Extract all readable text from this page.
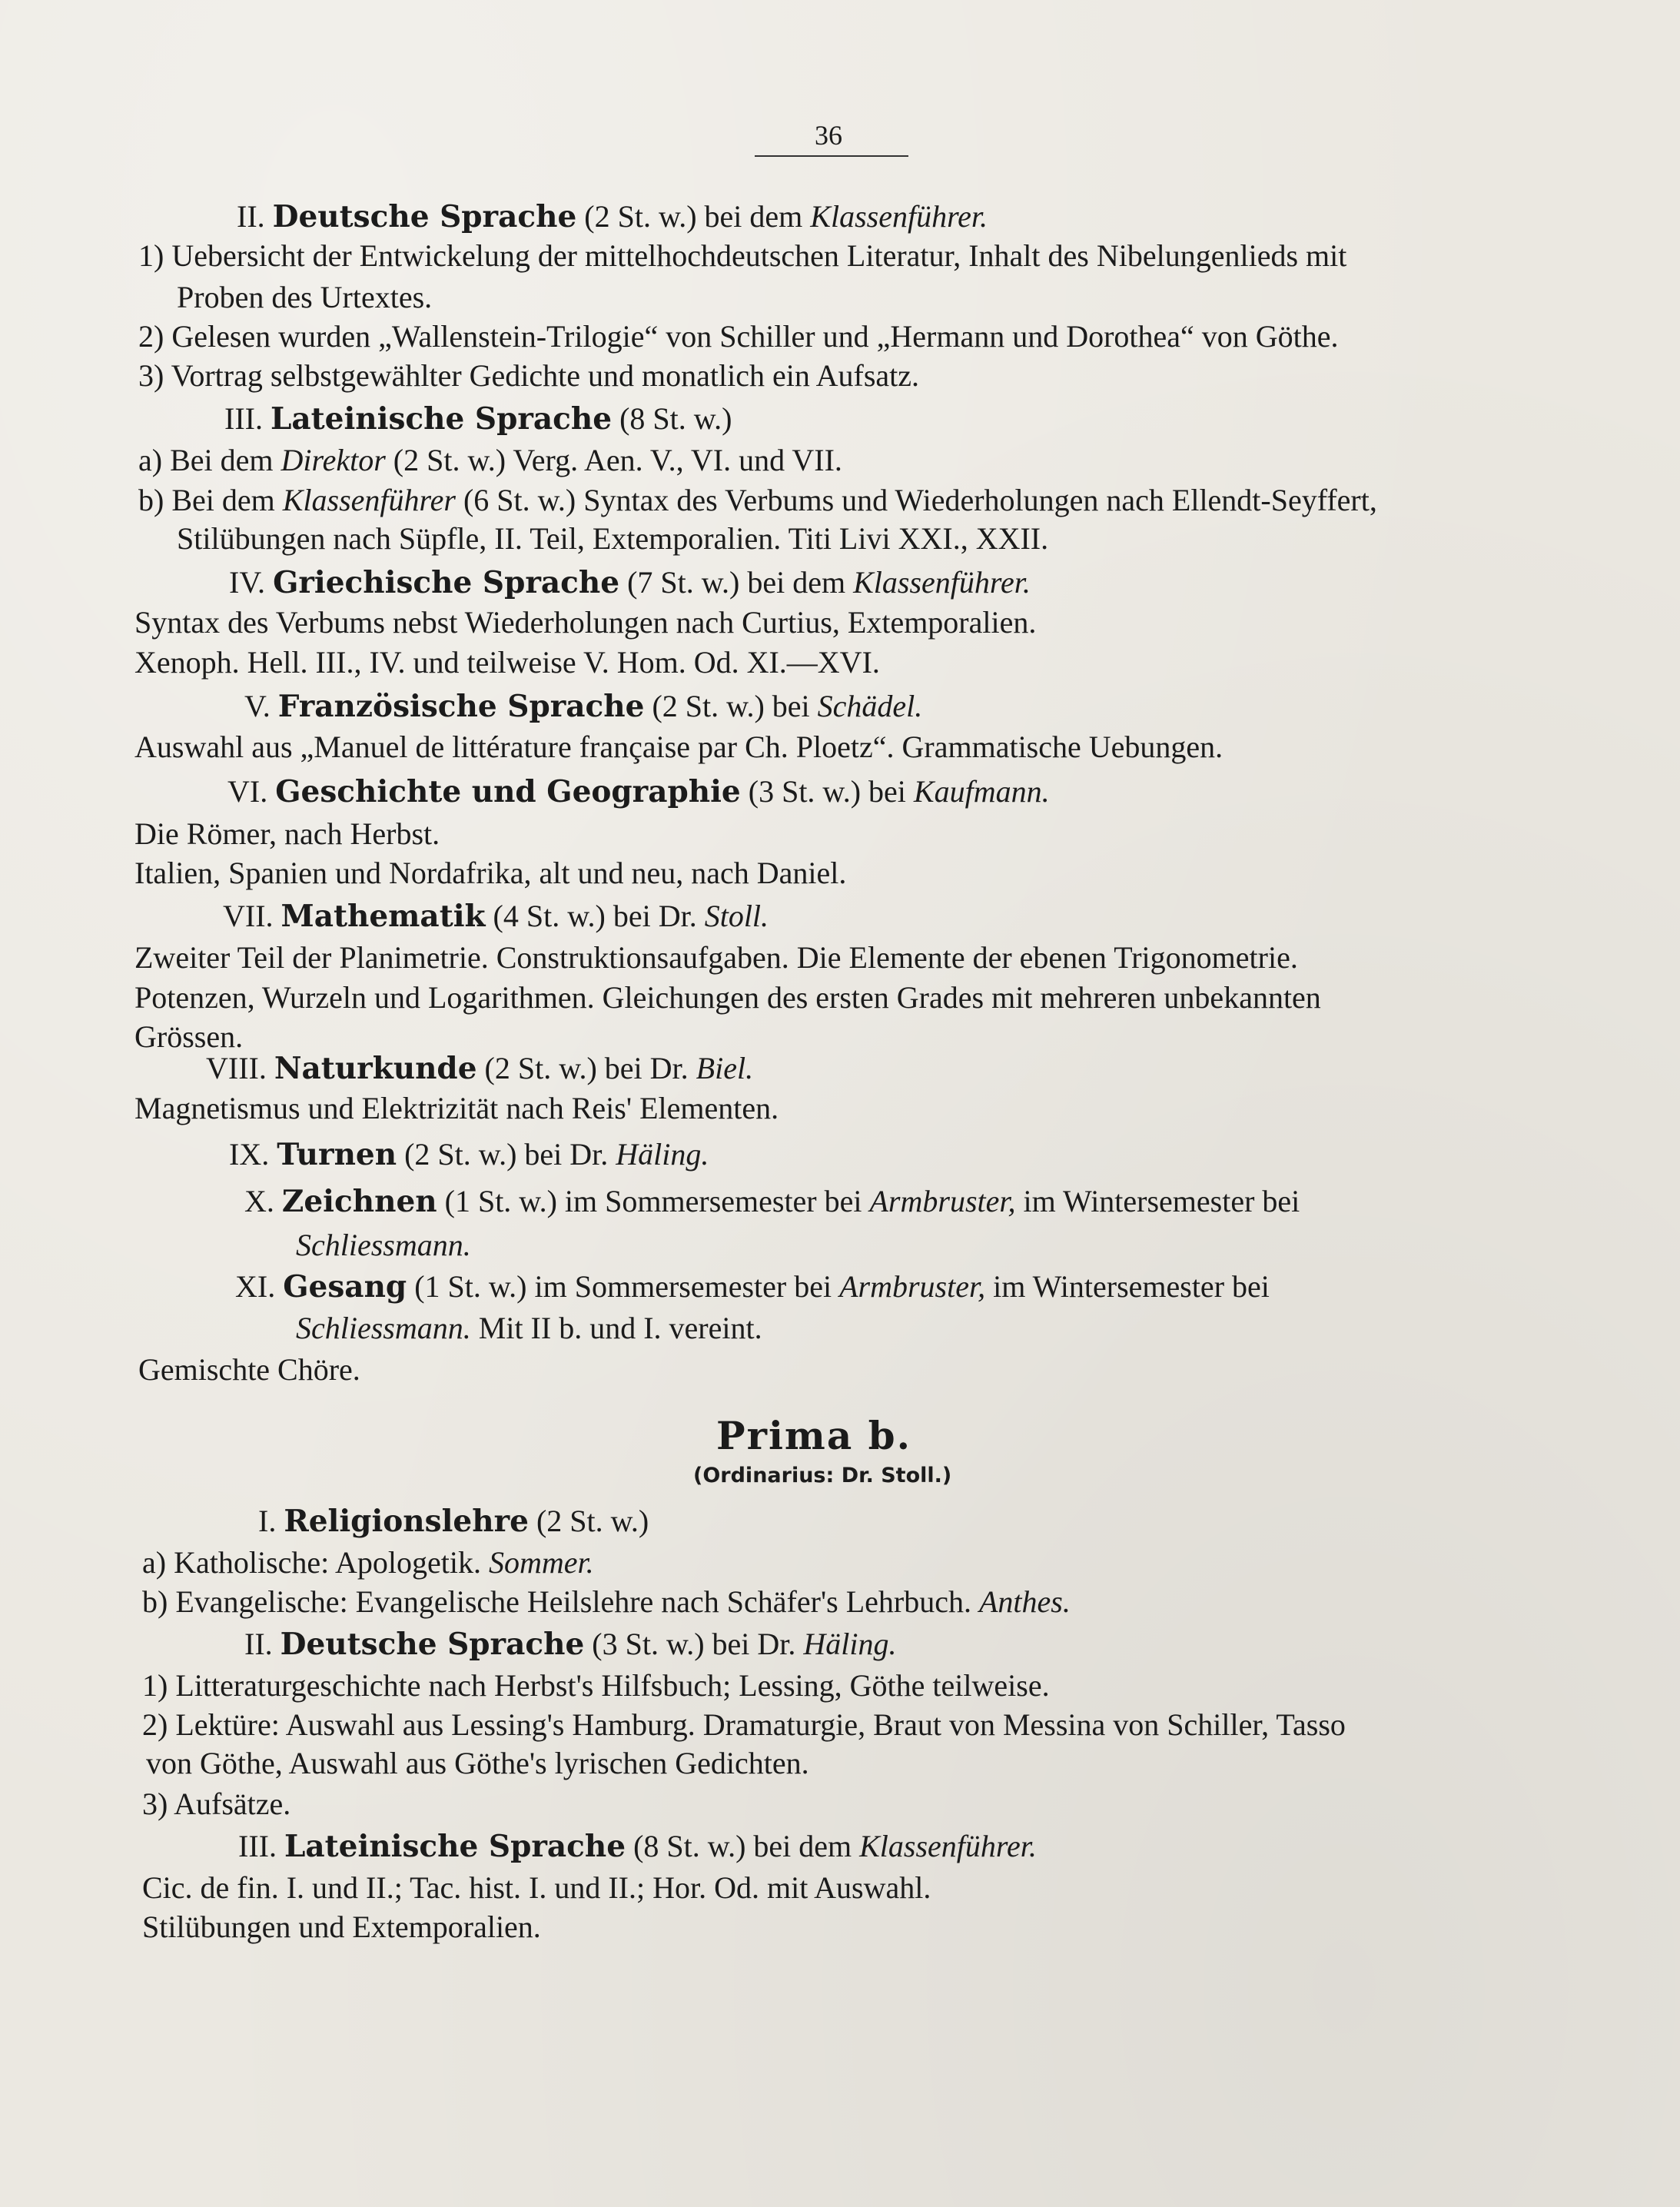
36
II. Deutsche Sprache (2 St. w.) bei dem Klassenführer.
1) Uebersicht der Entwickelung der mittelhochdeutschen Literatur, Inhalt des Nibelungenlieds mit
Proben des Urtextes.
2) Gelesen wurden „Wallenstein-Trilogie“ von Schiller und „Hermann und Dorothea“ von Göthe.
3) Vortrag selbstgewählter Gedichte und monatlich ein Aufsatz.
III. Lateinische Sprache (8 St. w.)
a) Bei dem Direktor (2 St. w.) Verg. Aen. V., VI. und VII.
b) Bei dem Klassenführer (6 St. w.) Syntax des Verbums und Wiederholungen nach Ellendt-Seyffert,
Stilübungen nach Süpfle, II. Teil, Extemporalien. Titi Livi XXI., XXII.
IV. Griechische Sprache (7 St. w.) bei dem Klassenführer.
Syntax des Verbums nebst Wiederholungen nach Curtius, Extemporalien.
Xenoph. Hell. III., IV. und teilweise V. Hom. Od. XI.—XVI.
V. Französische Sprache (2 St. w.) bei Schädel.
Auswahl aus „Manuel de littérature française par Ch. Ploetz“. Grammatische Uebungen.
VI. Geschichte und Geographie (3 St. w.) bei Kaufmann.
Die Römer, nach Herbst.
Italien, Spanien und Nordafrika, alt und neu, nach Daniel.
VII. Mathematik (4 St. w.) bei Dr. Stoll.
Zweiter Teil der Planimetrie. Construktionsaufgaben. Die Elemente der ebenen Trigonometrie.
Potenzen, Wurzeln und Logarithmen. Gleichungen des ersten Grades mit mehreren unbekannten
Grössen.
VIII. Naturkunde (2 St. w.) bei Dr. Biel.
Magnetismus und Elektrizität nach Reis' Elementen.
IX. Turnen (2 St. w.) bei Dr. Häling.
X. Zeichnen (1 St. w.) im Sommersemester bei Armbruster, im Wintersemester bei
Schliessmann.
XI. Gesang (1 St. w.) im Sommersemester bei Armbruster, im Wintersemester bei
Schliessmann. Mit II b. und I. vereint.
Gemischte Chöre.
Prima b.
(Ordinarius: Dr. Stoll.)
I. Religionslehre (2 St. w.)
a) Katholische: Apologetik. Sommer.
b) Evangelische: Evangelische Heilslehre nach Schäfer's Lehrbuch. Anthes.
II. Deutsche Sprache (3 St. w.) bei Dr. Häling.
1) Litteraturgeschichte nach Herbst's Hilfsbuch; Lessing, Göthe teilweise.
2) Lektüre: Auswahl aus Lessing's Hamburg. Dramaturgie, Braut von Messina von Schiller, Tasso
von Göthe, Auswahl aus Göthe's lyrischen Gedichten.
3) Aufsätze.
III. Lateinische Sprache (8 St. w.) bei dem Klassenführer.
Cic. de fin. I. und II.; Tac. hist. I. und II.; Hor. Od. mit Auswahl.
Stilübungen und Extemporalien.
